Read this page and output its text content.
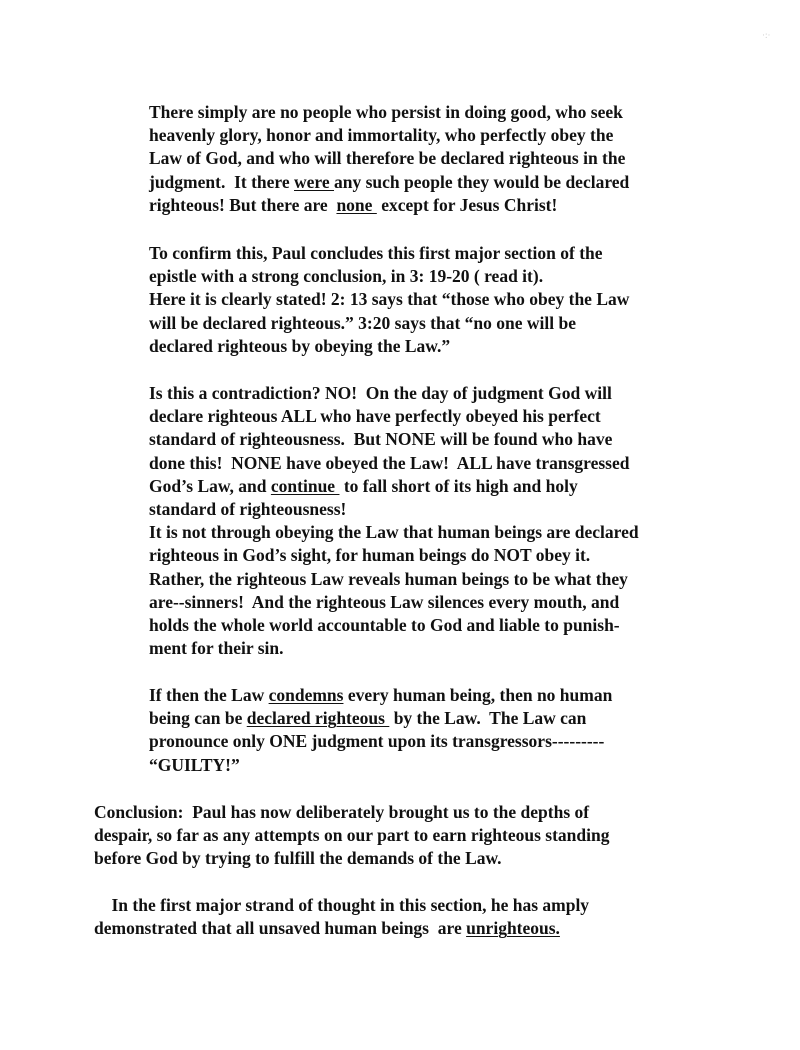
·:·
There simply are no people who persist in doing good, who seek
heavenly glory, honor and immortality, who perfectly obey the
Law of God, and who will therefore be declared righteous in the
judgment.  It there were any such people they would be declared
righteous! But there are  none  except for Jesus Christ!
To confirm this, Paul concludes this first major section of the
epistle with a strong conclusion, in 3: 19-20 ( read it).
Here it is clearly stated! 2: 13 says that “those who obey the Law
will be declared righteous.” 3:20 says that “no one will be
declared righteous by obeying the Law.”
Is this a contradiction? NO!  On the day of judgment God will
declare righteous ALL who have perfectly obeyed his perfect
standard of righteousness.  But NONE will be found who have
done this!  NONE have obeyed the Law!  ALL have transgressed
God’s Law, and continue  to fall short of its high and holy
standard of righteousness!
It is not through obeying the Law that human beings are declared
righteous in God’s sight, for human beings do NOT obey it.
Rather, the righteous Law reveals human beings to be what they
are--sinners!  And the righteous Law silences every mouth, and
holds the whole world accountable to God and liable to punish-
ment for their sin.
If then the Law condemns every human being, then no human
being can be declared righteous  by the Law.  The Law can
pronounce only ONE judgment upon its transgressors---------
“GUILTY!”
Conclusion:  Paul has now deliberately brought us to the depths of
despair, so far as any attempts on our part to earn righteous standing
before God by trying to fulfill the demands of the Law.
In the first major strand of thought in this section, he has amply
demonstrated that all unsaved human beings  are unrighteous.
